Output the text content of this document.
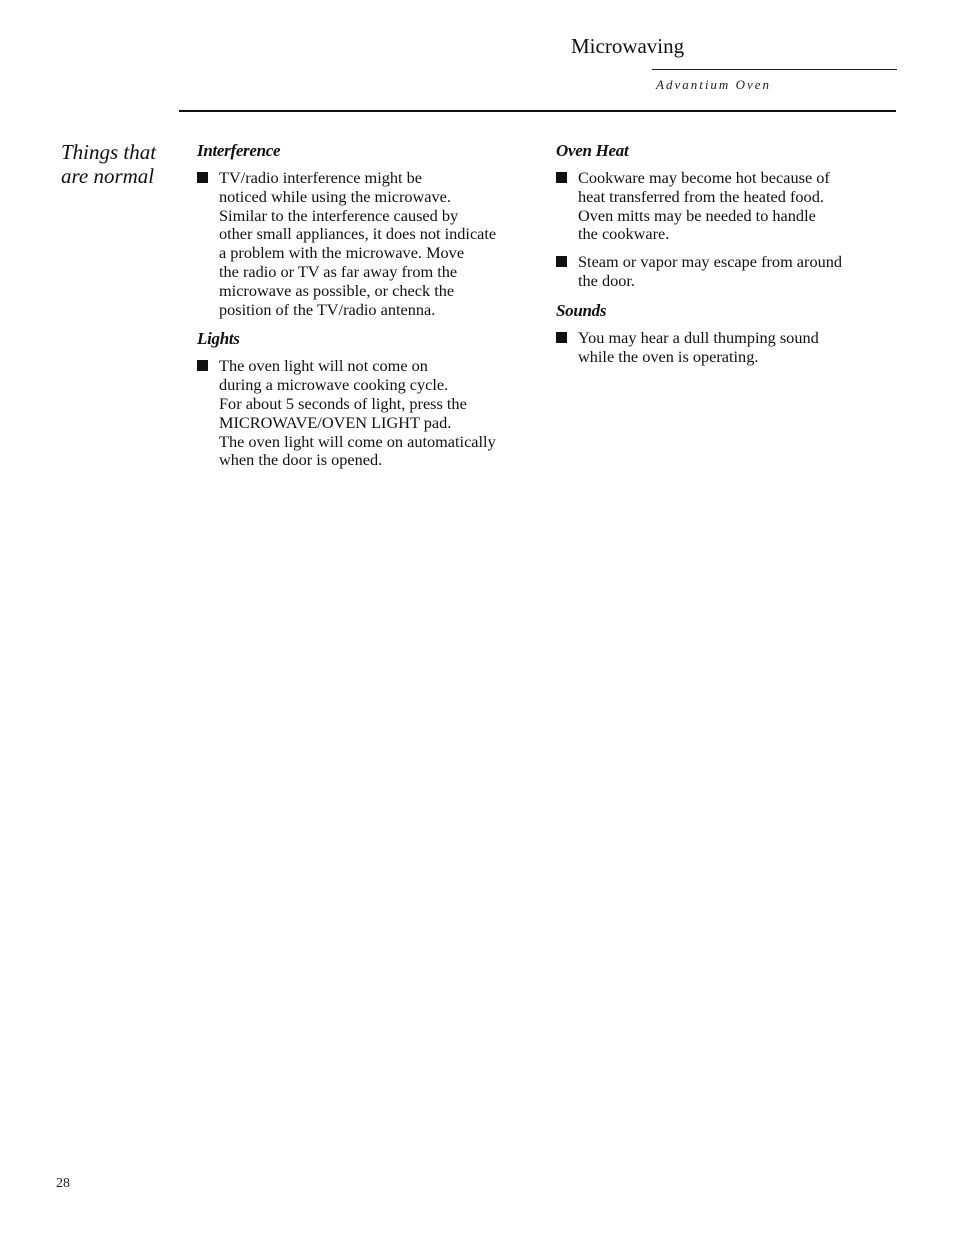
Microwaving
Advantium Oven
Things that
are normal
Interference
TV/radio interference might be
noticed while using the microwave.
Similar to the interference caused by
other small appliances, it does not indicate
a problem with the microwave. Move
the radio or TV as far away from the
microwave as possible, or check the
position of the TV/radio antenna.
Lights
The oven light will not come on
during a microwave cooking cycle.
For about 5 seconds of light, press the
MICROWAVE/OVEN LIGHT pad.
The oven light will come on automatically
when the door is opened.
Oven Heat
Cookware may become hot because of
heat transferred from the heated food.
Oven mitts may be needed to handle
the cookware.
Steam or vapor may escape from around
the door.
Sounds
You may hear a dull thumping sound
while the oven is operating.
28
